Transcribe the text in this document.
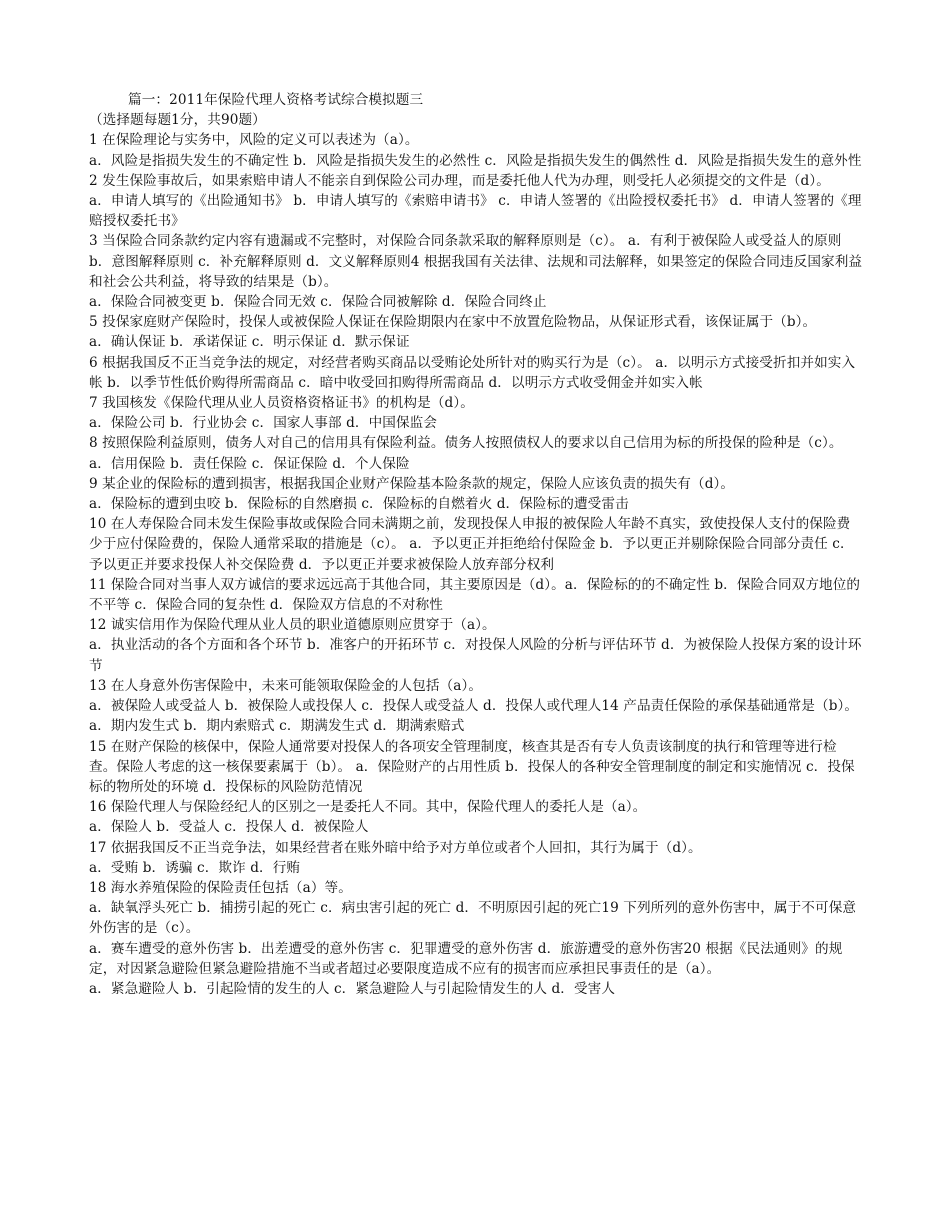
篇一：2011年保险代理人资格考试综合模拟题三

（选择题每题1分，共90题）

1 在保险理论与实务中，风险的定义可以表述为（a）。

a．风险是指损失发生的不确定性 b．风险是指损失发生的必然性 c．风险是指损失发生的偶然性 d．风险是指损失发生的意外性

2 发生保险事故后，如果索赔申请人不能亲自到保险公司办理，而是委托他人代为办理，则受托人必须提交的文件是（d）。

a．申请人填写的《出险通知书》 b．申请人填写的《索赔申请书》 c．申请人签署的《出险授权委托书》 d．申请人签署的《理赔授权委托书》

3 当保险合同条款约定内容有遗漏或不完整时，对保险合同条款采取的解释原则是（c）。 a．有利于被保险人或受益人的原则 b．意图解释原则 c．补充解释原则 d．文义解释原则4 根据我国有关法律、法规和司法解释，如果签定的保险合同违反国家利益和社会公共利益，将导致的结果是（b）。

a．保险合同被变更 b．保险合同无效 c．保险合同被解除 d．保险合同终止

5 投保家庭财产保险时，投保人或被保险人保证在保险期限内在家中不放置危险物品，从保证形式看，该保证属于（b）。

a．确认保证 b．承诺保证 c．明示保证 d．默示保证

6 根据我国反不正当竞争法的规定，对经营者购买商品以受贿论处所针对的购买行为是（c）。 a．以明示方式接受折扣并如实入帐 b．以季节性低价购得所需商品 c．暗中收受回扣购得所需商品 d．以明示方式收受佣金并如实入帐

7 我国核发《保险代理从业人员资格资格证书》的机构是（d）。

a．保险公司 b．行业协会 c．国家人事部 d．中国保监会

8 按照保险利益原则，债务人对自己的信用具有保险利益。债务人按照债权人的要求以自己信用为标的所投保的险种是（c）。

a．信用保险 b．责任保险 c．保证保险 d．个人保险

9 某企业的保险标的遭到损害，根据我国企业财产保险基本险条款的规定，保险人应该负责的损失有（d）。

a．保险标的遭到虫咬 b．保险标的自然磨损 c．保险标的自燃着火 d．保险标的遭受雷击

10 在人寿保险合同未发生保险事故或保险合同未满期之前，发现投保人申报的被保险人年龄不真实，致使投保人支付的保险费少于应付保险费的，保险人通常采取的措施是（c）。 a．予以更正并拒绝给付保险金 b．予以更正并剔除保险合同部分责任 c．予以更正并要求投保人补交保险费 d．予以更正并要求被保险人放弃部分权利

11 保险合同对当事人双方诚信的要求远远高于其他合同，其主要原因是（d）。a．保险标的的不确定性 b．保险合同双方地位的不平等 c．保险合同的复杂性 d．保险双方信息的不对称性

12 诚实信用作为保险代理从业人员的职业道德原则应贯穿于（a）。

a．执业活动的各个方面和各个环节 b．准客户的开拓环节 c．对投保人风险的分析与评估环节 d．为被保险人投保方案的设计环节

13 在人身意外伤害保险中，未来可能领取保险金的人包括（a）。

a．被保险人或受益人 b．被保险人或投保人 c．投保人或受益人 d．投保人或代理人14 产品责任保险的承保基础通常是（b）。

a．期内发生式 b．期内索赔式 c．期满发生式 d．期满索赔式

15 在财产保险的核保中，保险人通常要对投保人的各项安全管理制度，核查其是否有专人负责该制度的执行和管理等进行检查。保险人考虑的这一核保要素属于（b）。 a．保险财产的占用性质 b．投保人的各种安全管理制度的制定和实施情况 c．投保标的物所处的环境 d．投保标的风险防范情况

16 保险代理人与保险经纪人的区别之一是委托人不同。其中，保险代理人的委托人是（a）。

a．保险人 b．受益人 c．投保人 d．被保险人

17 依据我国反不正当竞争法，如果经营者在账外暗中给予对方单位或者个人回扣，其行为属于（d）。

a．受贿 b．诱骗 c．欺诈 d．行贿

18 海水养殖保险的保险责任包括（a）等。

a．缺氧浮头死亡 b．捕捞引起的死亡 c．病虫害引起的死亡 d．不明原因引起的死亡19 下列所列的意外伤害中，属于不可保意外伤害的是（c）。

a．赛车遭受的意外伤害 b．出差遭受的意外伤害 c．犯罪遭受的意外伤害 d．旅游遭受的意外伤害20 根据《民法通则》的规定，对因紧急避险但紧急避险措施不当或者超过必要限度造成不应有的损害而应承担民事责任的是（a）。

a．紧急避险人 b．引起险情的发生的人 c．紧急避险人与引起险情发生的人 d．受害人
